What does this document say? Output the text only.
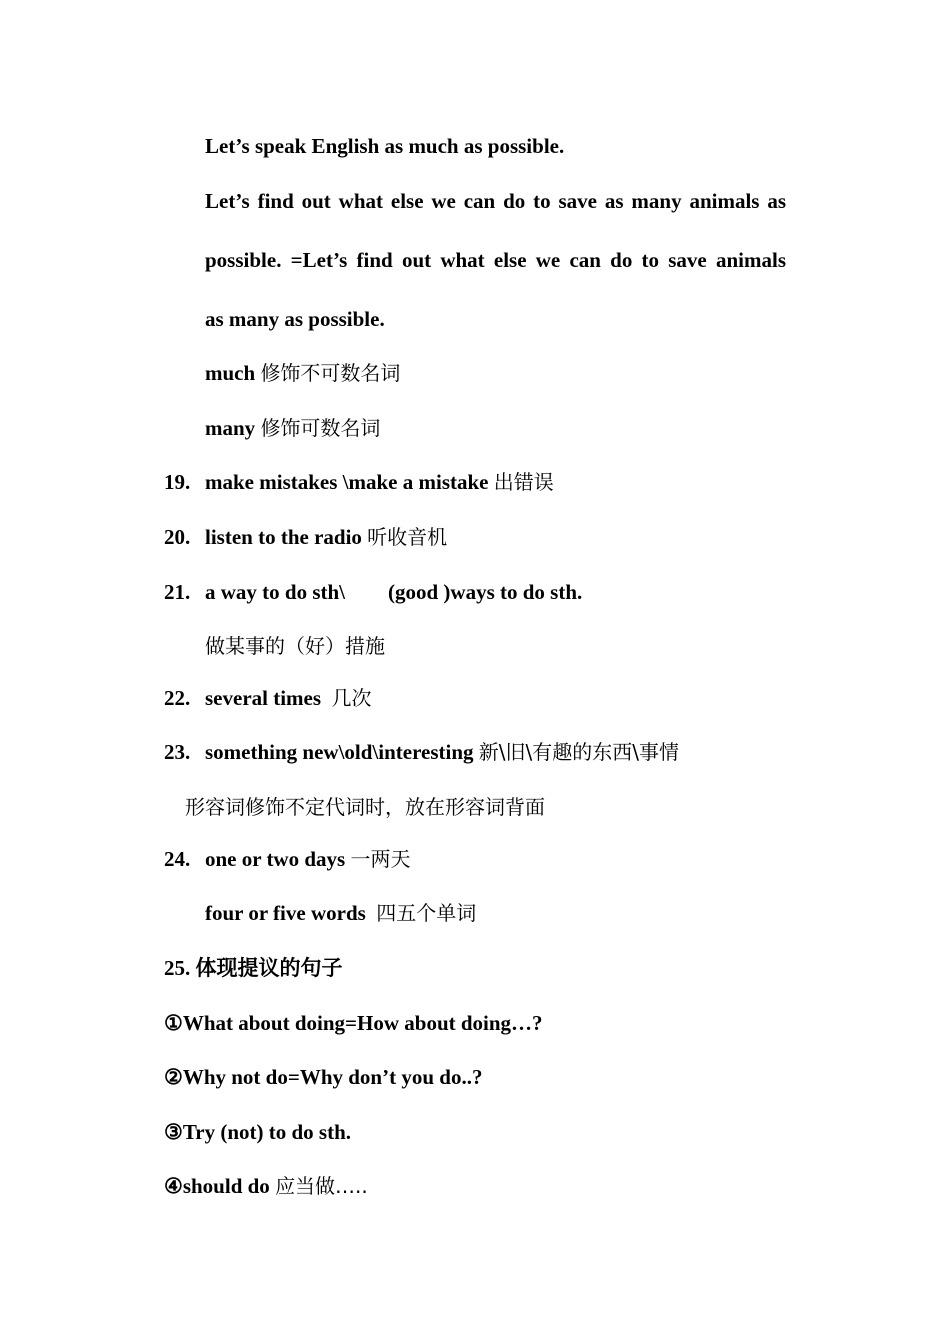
Let’s speak English as much as possible.
Let’s find out what else we can do to save as many animals as
possible. =Let’s find out what else we can do to save animals
as many as possible.
much 修饰不可数名词
many 修饰可数名词
19. make mistakes \make a mistake 出错误
20. listen to the radio 听收音机
21. a way to do sth\ (good )ways to do sth.
做某事的（好）措施
22. several times 几次
23. something new\old\interesting 新\旧\有趣的东西\事情
形容词修饰不定代词时，放在形容词背面
24. one or two days 一两天
four or five words 四五个单词
25. 体现提议的句子
①What about doing=How about doing…?
②Why not do=Why don’t you do..?
③Try (not) to do sth.
④should do 应当做…..
